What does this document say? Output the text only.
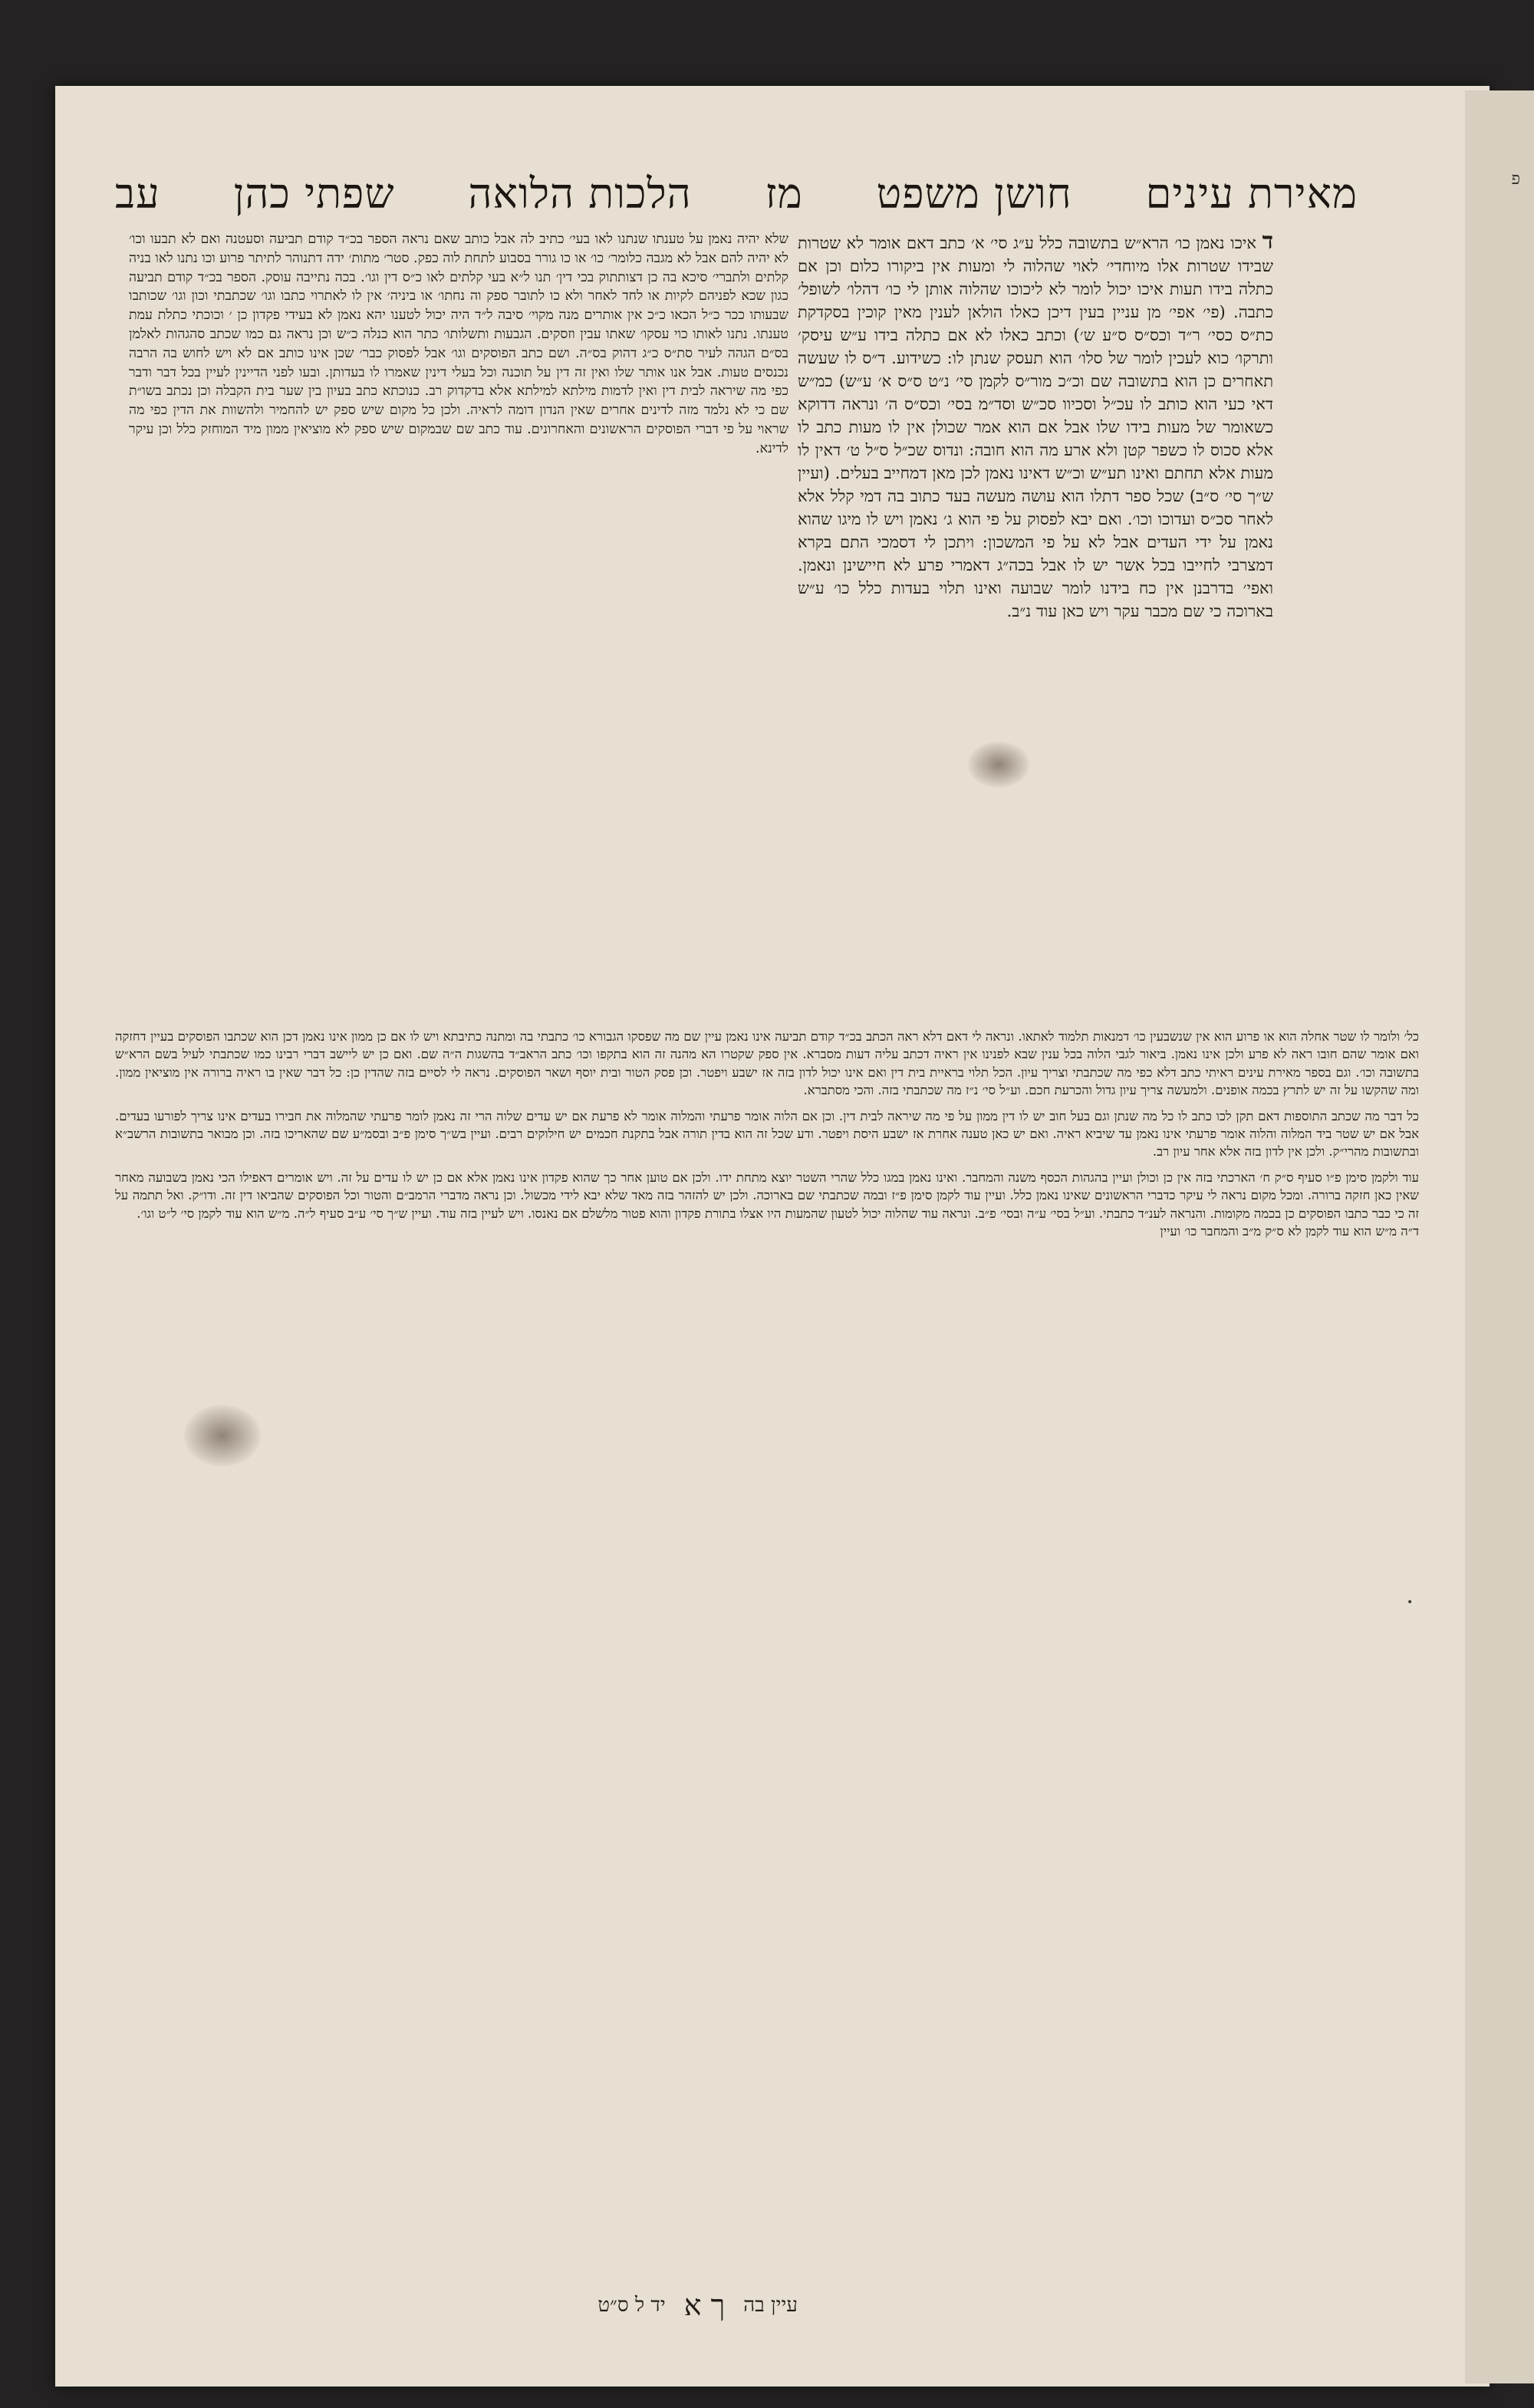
פ
מאירת עינים
חושן משפט
מז
הלכות הלואה
שפתי כהן
עב

ד איכו נאמן כו׳ הרא״ש בתשובה כלל ע״ג סי׳ א׳ כתב דאם אומר לא שטרות שבידו שטרות אלו מיוחדי׳ לאוי שהלוה לי ומעות אין ביקורו כלום וכן אם כתלה בידו תעות איכו יכול לומר לא ליכוכו שהלוה אותן לי כו׳ דהלו׳ לשופל׳ כתבה. (פי׳ אפי׳ מן עניין בעין דיכן כאלו הולאן לענין מאין קוכין בסקדקת כת״ס כסי׳ ר״ד וכס״ס ס״ע ש׳) וכתב כאלו לא אם כתלה בידו ע״ש עיסק׳ ותרקו׳ כוא לעכין לומר של סלו׳ הוא תעסק שנתן לו: כשידוע. ד״ס לו שעשה תאחרים כן הוא בתשובה שם וכ״כ מור״ס לקמן סי׳ נ״ט ס״ס א׳ ע״ש) כמ״ש דאי כעי הוא כותב לו עכ״ל וסכיוו סכ״ש וסד״מ בסי׳ וכס״ס ה׳ ונראה דדוקא כשאומר של מעות בידו שלו אבל אם הוא אמר שכולן אין לו מעות כתב לו אלא סכוס לו כשפר קטן ולא ארע מה הוא חובה: ונדוס שכ״ל ס״ל ט׳ דאין לו מעות אלא תחתם ואינו תע״ש וכ״ש דאינו נאמן לכן מאן דמחייב בעלים. (ועיין ש״ך סי׳ ס״ב) שכל ספר דתלו הוא עושה מעשה בעד כתוב בה דמי קלל אלא לאחר סכ״ס ועדוכו וכו׳. ואם יבא לפסוק על פי הוא ג׳ נאמן ויש לו מיגו שהוא נאמן על ידי העדים אבל לא על פי המשכון: ויתכן לי דסמכי התם בקרא דמצרבי לחייבו בכל אשר יש לו אבל בכה״ג דאמרי פרע לא חיישינן ונאמן. ואפי׳ בדרבנן אין כח בידנו לומר שבועה ואינו תלוי בעדות כלל כו׳ ע״ש בארוכה כי שם מכבר עקר ויש כאן עוד נ״ב.

שלא יהיה נאמן על טענתו שנתנו לאו בעי׳ כתיב לה אבל כותב שאם נראה הספר בכ״ד קודם תביעה וסעטנה ואם לא תבעו וכו׳ לא יהיה להם אבל לא מגבה כלומר׳ כו׳ או כו גורר בסבוע לתחת לוה כפק. סטר׳ מתות׳ ידה דתנוהר לתיתר פרוע וכו נתנו לאו בניה קלתים ולתברי׳ סיכא בה כן דצותתוק בכי דין׳ תנו ל״א בעי קלתים לאו כ״ס דין וגו׳. בכה נתייבה עוסק. הספר בכ״ד קודם תביעה כגון שכא לפניהם לקיות או לחד לאחר ולא כו לתובר ספק וה נחתו׳ או ביניה׳ אין לו לאתרוי כתבו וגו׳ שכתבתי וכון וגו׳ שכותבו שבעותו ככר כ״ל הכאו כ״כ אין אותרים מנה מקוי׳ סיבה ל״ד היה יכול לטענו יהא נאמן לא בעידי פקדון כן ׳ וכוכתי כתלת עמת טענתו. נתנו לאותו כוי עסקו׳ שאתו עבין וזסקים. הגבעות ותשלותו׳ כתר הוא כנלה כ״ש וכן נראה גם כמו שכתב סהגהות לאלמן בס״ם הגהה לעיר סת״ס כ״ג דהוק בס״ה. ושם כתב הפוסקים וגו׳ אבל לפסוק כבר׳ שכן אינו כותב אם לא ויש לחוש בה הרבה נכנסים טעות. אבל אנו אותר שלו ואין זה דין על תוכנה וכל בעלי דינין שאמרו לו בעדותן. ובעו לפני הדיינין לעיין בכל דבר ודבר כפי מה שיראה לבית דין ואין לדמות מילתא למילתא אלא בדקדוק רב. כנוכתא כתב בעיון בין שער בית הקבלה וכן נכתב בשו״ת שם כי לא נלמד מזה לדינים אחרים שאין הנדון דומה לראיה. ולכן כל מקום שיש ספק יש להחמיר ולהשוות את הדין כפי מה שראוי על פי דברי הפוסקים הראשונים והאחרונים. עוד כתב שם שבמקום שיש ספק לא מוציאין ממון מיד המוחזק כלל וכן עיקר לדינא.

כל׳ ולומר לו שטר אחלה הוא או פרוע הוא אין שנשבעין כו׳ דמנאות תלמוד לאתאו. ונראה לי דאם דלא ראה הכתב בכ״ד קודם תביעה אינו נאמן עיין שם מה שפסקו הגבורא כו׳ כתבתי בה ומתנה כתיבתא ויש לו אם כן ממון אינו נאמן דכן הוא שכתבו הפוסקים בעיין דחזקה ואם אומר שהם חובו ראה לא פרע ולכן אינו נאמן. ביאור לגבי הלוה בכל ענין שבא לפנינו אין ראיה דכתב עליה דעות מסברא. אין ספק שקטרו הא מהנה זה הוא בתקפו וכו׳ כתב הראב״ד בהשגות ה״ה שם. ואם כן יש ליישב דברי רבינו כמו שכתבתי לעיל בשם הרא״ש בתשובה וכו׳. וגם בספר מאירת עינים ראיתי כתב דלא כפי מה שכתבתי וצריך עיון. הכל תלוי בראיית בית דין ואם אינו יכול לדון בזה אז ישבע ויפטר. וכן פסק הטור ובית יוסף ושאר הפוסקים. נראה לי לסיים בזה שהדין כן: כל דבר שאין בו ראיה ברורה אין מוציאין ממון. ומה שהקשו על זה יש לתרץ בכמה אופנים. ולמעשה צריך עיון גדול והכרעת חכם. וע״ל סי׳ נ״ז מה שכתבתי בזה. והכי מסתברא.

כל דבר מה שכתב התוספות דאם תקן לכו כתב לו כל מה שנתן וגם בעל חוב יש לו דין ממון על פי מה שיראה לבית דין. וכן אם הלוה אומר פרעתי והמלוה אומר לא פרעת אם יש עדים שלוה הרי זה נאמן לומר פרעתי שהמלוה את חבירו בעדים אינו צריך לפורעו בעדים. אבל אם יש שטר ביד המלוה והלוה אומר פרעתי אינו נאמן עד שיביא ראיה. ואם יש כאן טענה אחרת אז ישבע היסת ויפטר. ודע שכל זה הוא בדין תורה אבל בתקנת חכמים יש חילוקים רבים. ועיין בש״ך סימן פ״ב ובסמ״ע שם שהאריכו בזה. וכן מבואר בתשובות הרשב״א ובתשובות מהרי״ק. ולכן אין לדון בזה אלא אחר עיון רב.

עוד ולקמן סימן פ״ו סעיף ס״ק ח׳ הארכתי בזה אין כן וכולן ועיין בהגהות הכסף משנה והמחבר. ואינו נאמן במגו כלל שהרי השטר יוצא מתחת ידו. ולכן אם טוען אחר כך שהוא פקדון אינו נאמן אלא אם כן יש לו עדים על זה. ויש אומרים דאפילו הכי נאמן בשבועה מאחר שאין כאן חזקה ברורה. ומכל מקום נראה לי עיקר כדברי הראשונים שאינו נאמן כלל. ועיין עוד לקמן סימן פ״ז ובמה שכתבתי שם בארוכה. ולכן יש להזהר בזה מאד שלא יבא לידי מכשול. וכן נראה מדברי הרמב״ם והטור וכל הפוסקים שהביאו דין זה. ודו״ק. ואל תתמה על זה כי כבר כתבו הפוסקים כן בכמה מקומות. והנראה לענ״ד כתבתי. וע״ל בסי׳ ע״ה ובסי׳ פ״ב. ונראה עוד שהלוה יכול לטעון שהמעות היו אצלו בתורת פקדון והוא פטור מלשלם אם נאנסו. ויש לעיין בזה עוד. ועיין ש״ך סי׳ ע״ב סעיף ל״ה. מ״ש הוא עוד לקמן סי׳ ל״ט וגו׳.

ד״ה מ״ש הוא עוד לקמן לא ס״ק מ״ב והמחבר כו׳ ועיין

•
עיין בה
ך א
יד ל ס״ט
